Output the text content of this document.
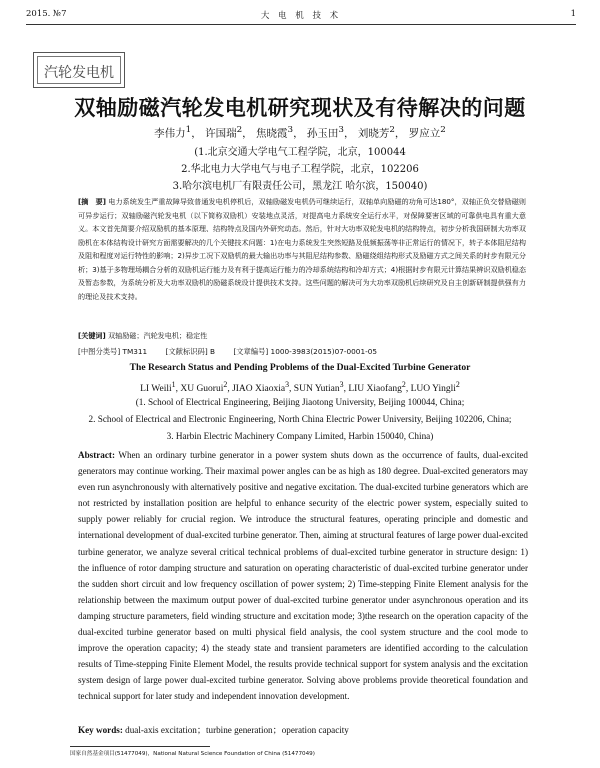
2015. №7	大 电 机 技 术	1
汽轮发电机
双轴励磁汽轮发电机研究现状及有待解决的问题
李伟力$^1$， 许国瑞$^2$， 焦晓霞$^3$， 孙玉田$^3$， 刘晓芳$^2$， 罗应立$^2$
(1.北京交通大学电气工程学院，北京，100044
2.华北电力大学电气与电子工程学院，北京，102206
3.哈尔滨电机厂有限责任公司，黑龙江 哈尔滨，150040)
[摘　要] 电力系统发生严重故障导致普通发电机停机后，双轴励磁发电机仍可继续运行，双轴单向励磁的功角可达180°，双轴正负交替励磁则可异步运行；双轴励磁汽轮发电机（以下简称双励机）安装地点灵活，对提高电力系统安全运行水平，对保障要害区域的可靠供电具有重大意义。本文首先简要介绍双励机的基本原理、结构特点及国内外研究动态。然后，针对大功率双轮发电机的结构特点，初步分析我国研制大功率双励机在本体结构设计研究方面需要解决的几个关键技术问题：1)在电力系统发生突然短路及低频振荡等非正常运行的情况下，转子本体阻尼结构及阻和程度对运行特性的影响；2)异步工况下双励机的最大输出功率与其阻尼结构参数、励磁绕组结构形式及励磁方式之间关系的时步有限元分析；3)基于多物理场耦合分析的双励机运行能力及有利于提高运行能力的冷却系统结构和冷却方式；4)根据时步有限元计算结果辨识双励机稳态及暂态参数，为系统分析及大功率双励机的励磁系统设计提供技术支持。这些问题的解决可为大功率双励机后续研究及自主创新研制提供强有力的理论及技术支持。
[关键词] 双轴励磁；汽轮发电机；稳定性
[中图分类号] TM311	[文献标识码] B	[文章编号] 1000-3983(2015)07-0001-05
The Research Status and Pending Problems of the Dual-Excited Turbine Generator
LI Weili$^1$, XU Guorui$^2$, JIAO Xiaoxia$^3$, SUN Yutian$^3$, LIU Xiaofang$^2$, LUO Yingli$^2$
(1. School of Electrical Engineering, Beijing Jiaotong University, Beijing 100044, China;
2. School of Electrical and Electronic Engineering, North China Electric Power University, Beijing 102206, China;
3. Harbin Electric Machinery Company Limited, Harbin 150040, China)
Abstract: When an ordinary turbine generator in a power system shuts down as the occurrence of faults, dual-excited generators may continue working. Their maximal power angles can be as high as 180 degree. Dual-excited generators may even run asynchronously with alternatively positive and negative excitation. The dual-excited turbine generators which are not restricted by installation position are helpful to enhance security of the electric power system, especially suited to supply power reliably for crucial region. We introduce the structural features, operating principle and domestic and international development of dual-excited turbine generator. Then, aiming at structural features of large power dual-excited turbine generator, we analyze several critical technical problems of dual-excited turbine generator in structure design: 1) the influence of rotor damping structure and saturation on operating characteristic of dual-excited turbine generator under the sudden short circuit and low frequency oscillation of power system; 2) Time-stepping Finite Element analysis for the relationship between the maximum output power of dual-excited turbine generator under asynchronous operation and its damping structure parameters, field winding structure and excitation mode; 3)the research on the operation capacity of the dual-excited turbine generator based on multi physical field analysis, the cool system structure and the cool mode to improve the operation capacity; 4) the steady state and transient parameters are identified according to the calculation results of Time-stepping Finite Element Model, the results provide technical support for system analysis and the excitation system design of large power dual-excited turbine generator. Solving above problems provide theoretical foundation and technical support for later study and independent innovation development.
Key words: dual-axis excitation；turbine generation；operation capacity
国家自然基金项目(51477049)，National Natural Science Foundation of China (51477049)
